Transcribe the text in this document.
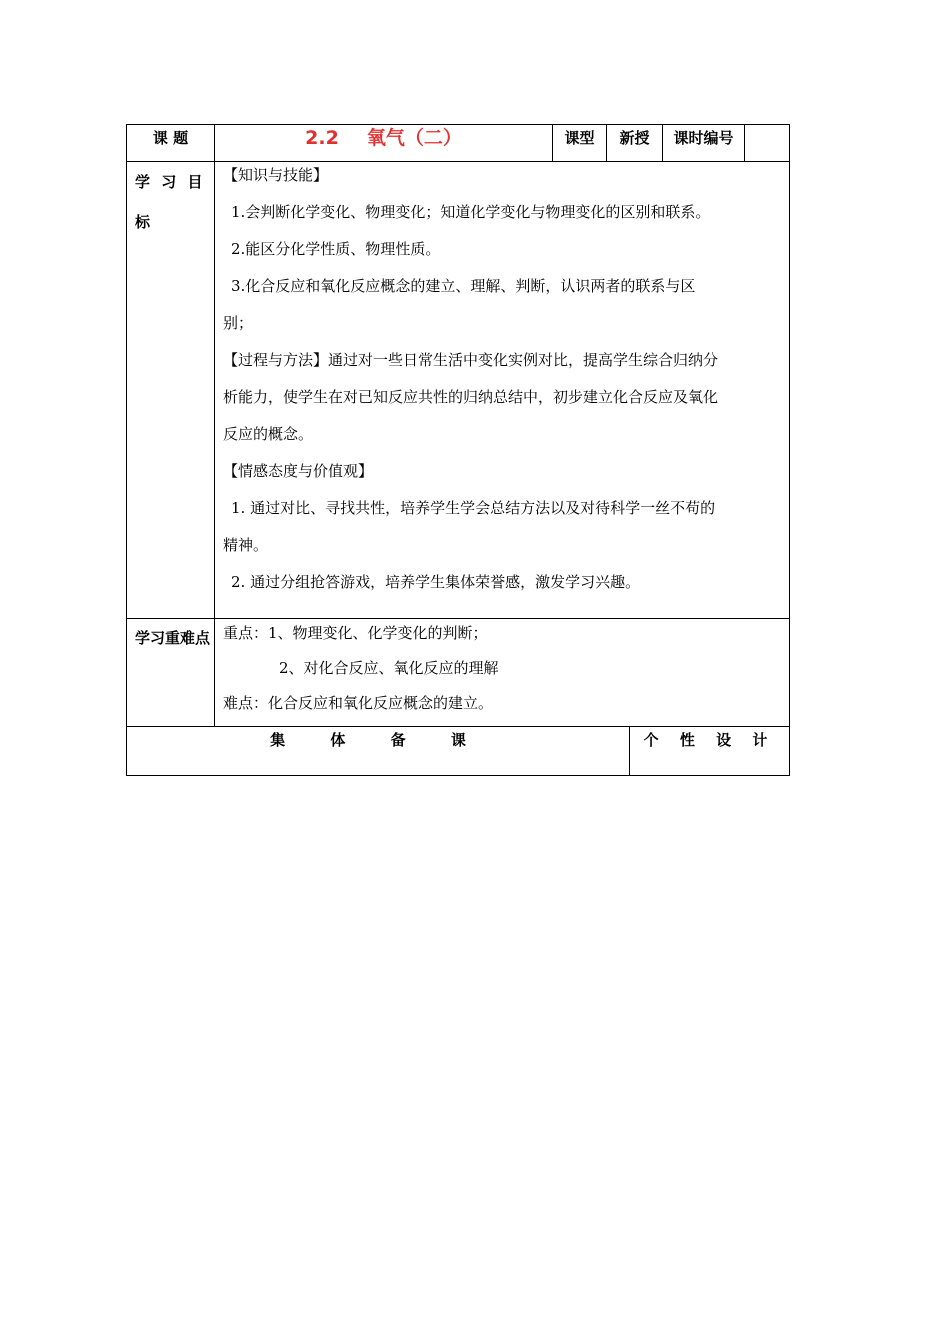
课 题	2.2 氧气（二）	课型	新授	课时编号
学 习 目 标

【知识与技能】

1.会判断化学变化、物理变化；知道化学变化与物理变化的区别和联系。

2.能区分化学性质、物理性质。

3.化合反应和氧化反应概念的建立、理解、判断，认识两者的联系与区

别；

【过程与方法】通过对一些日常生活中变化实例对比，提高学生综合归纳分

析能力，使学生在对已知反应共性的归纳总结中，初步建立化合反应及氧化

反应的概念。

【情感态度与价值观】

1. 通过对比、寻找共性，培养学生学会总结方法以及对待科学一丝不苟的

精神。

2. 通过分组抢答游戏，培养学生集体荣誉感，激发学习兴趣。

学习重难点 重点：1、物理变化、化学变化的判断；

2、对化合反应、氧化反应的理解

难点：化合反应和氧化反应概念的建立。

集 体 备 课	个 性 设 计
